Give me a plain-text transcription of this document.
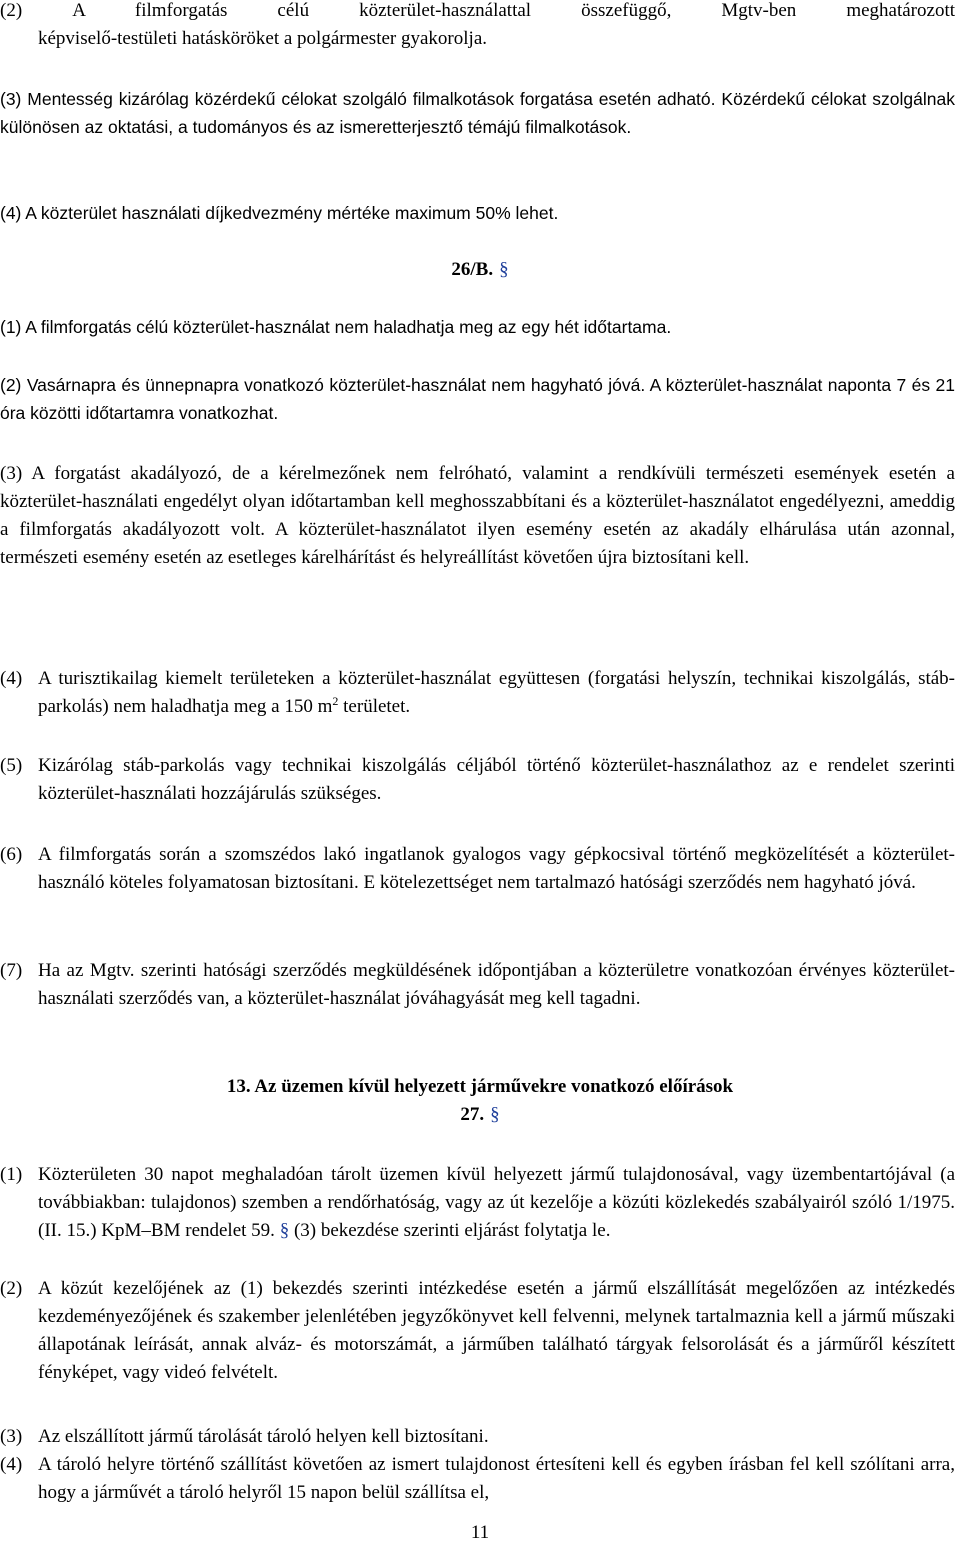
(2)	A filmforgatás célú közterület-használattal összefüggő, Mgtv-ben meghatározott
képviselő-testületi hatásköröket a polgármester gyakorolja.
(3) Mentesség kizárólag közérdekű célokat szolgáló filmalkotások forgatása esetén adható. Közérdekű célokat szolgálnak különösen az oktatási, a tudományos és az ismeretterjesztő témájú filmalkotások.
(4) A közterület használati díjkedvezmény mértéke maximum 50% lehet.
26/B. §
(1) A filmforgatás célú közterület-használat nem haladhatja meg az egy hét időtartama.
(2) Vasárnapra és ünnepnapra vonatkozó közterület-használat nem hagyható jóvá. A közterület-használat naponta 7 és 21 óra közötti időtartamra vonatkozhat.
(3) A forgatást akadályozó, de a kérelmezőnek nem felróható, valamint a rendkívüli természeti események esetén a közterület-használati engedélyt olyan időtartamban kell meghosszabbítani és a közterület-használatot engedélyezni, ameddig a filmforgatás akadályozott volt. A közterület-használatot ilyen esemény esetén az akadály elhárulása után azonnal, természeti esemény esetén az esetleges kárelhárítást és helyreállítást követően újra biztosítani kell.
(4) A turisztikailag kiemelt területeken a közterület-használat együttesen (forgatási helyszín, technikai kiszolgálás, stáb-parkolás) nem haladhatja meg a 150 $m^2$ területet.
(5) Kizárólag stáb-parkolás vagy technikai kiszolgálás céljából történő közterület-használathoz az e rendelet szerinti közterület-használati hozzájárulás szükséges.
(6) A filmforgatás során a szomszédos lakó ingatlanok gyalogos vagy gépkocsival történő megközelítését a közterület-használó köteles folyamatosan biztosítani. E kötelezettséget nem tartalmazó hatósági szerződés nem hagyható jóvá.
(7) Ha az Mgtv. szerinti hatósági szerződés megküldésének időpontjában a közterületre vonatkozóan érvényes közterület-használati szerződés van, a közterület-használat jóváhagyását meg kell tagadni.
13. Az üzemen kívül helyezett járművekre vonatkozó előírások
27. §
(1) Közterületen 30 napot meghaladóan tárolt üzemen kívül helyezett jármű tulajdonosával, vagy üzembentartójával (a továbbiakban: tulajdonos) szemben a rendőrhatóság, vagy az út kezelője a közúti közlekedés szabályairól szóló 1/1975. (II. 15.) KpM–BM rendelet 59. § (3) bekezdése szerinti eljárást folytatja le.
(2) A közút kezelőjének az (1) bekezdés szerinti intézkedése esetén a jármű elszállítását megelőzően az intézkedés kezdeményezőjének és szakember jelenlétében jegyzőkönyvet kell felvenni, melynek tartalmaznia kell a jármű műszaki állapotának leírását, annak alváz- és motorszámát, a járműben található tárgyak felsorolását és a járműről készített fényképet, vagy videó felvételt.
(3) Az elszállított jármű tárolását tároló helyen kell biztosítani.
(4) A tároló helyre történő szállítást követően az ismert tulajdonost értesíteni kell és egyben írásban fel kell szólítani arra, hogy a járművét a tároló helyről 15 napon belül szállítsa el,
11
